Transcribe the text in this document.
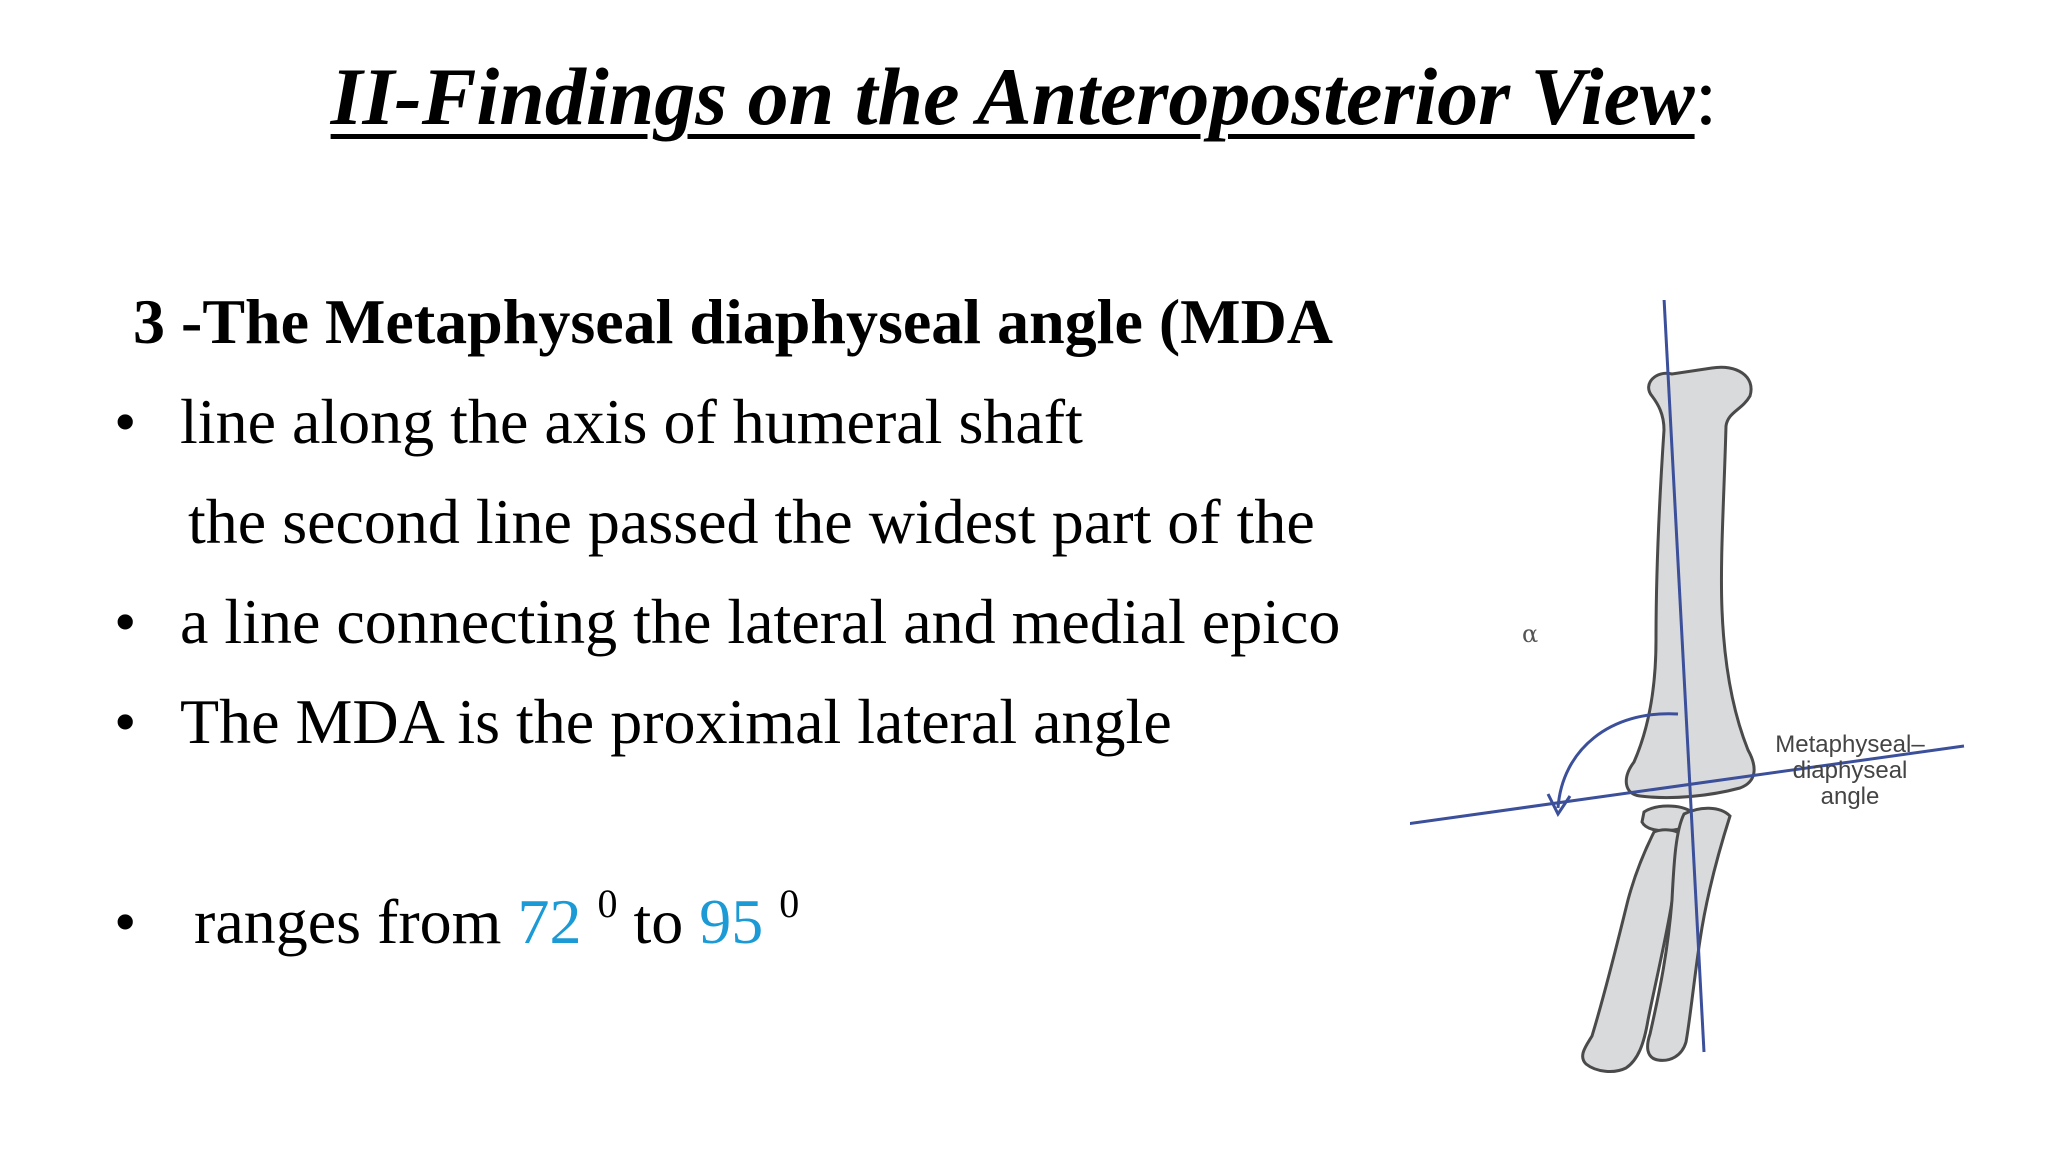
II-Findings on the Anteroposterior View:
3 -The Metaphyseal diaphyseal angle (MDA
• line along the axis of humeral shaft
the second line passed the widest part of the
• a line connecting the lateral and medial epico
• The MDA is the proximal lateral angle
• ranges from 72 $^0$ to 95 $^0$
α
Metaphyseal–
diaphyseal
angle
